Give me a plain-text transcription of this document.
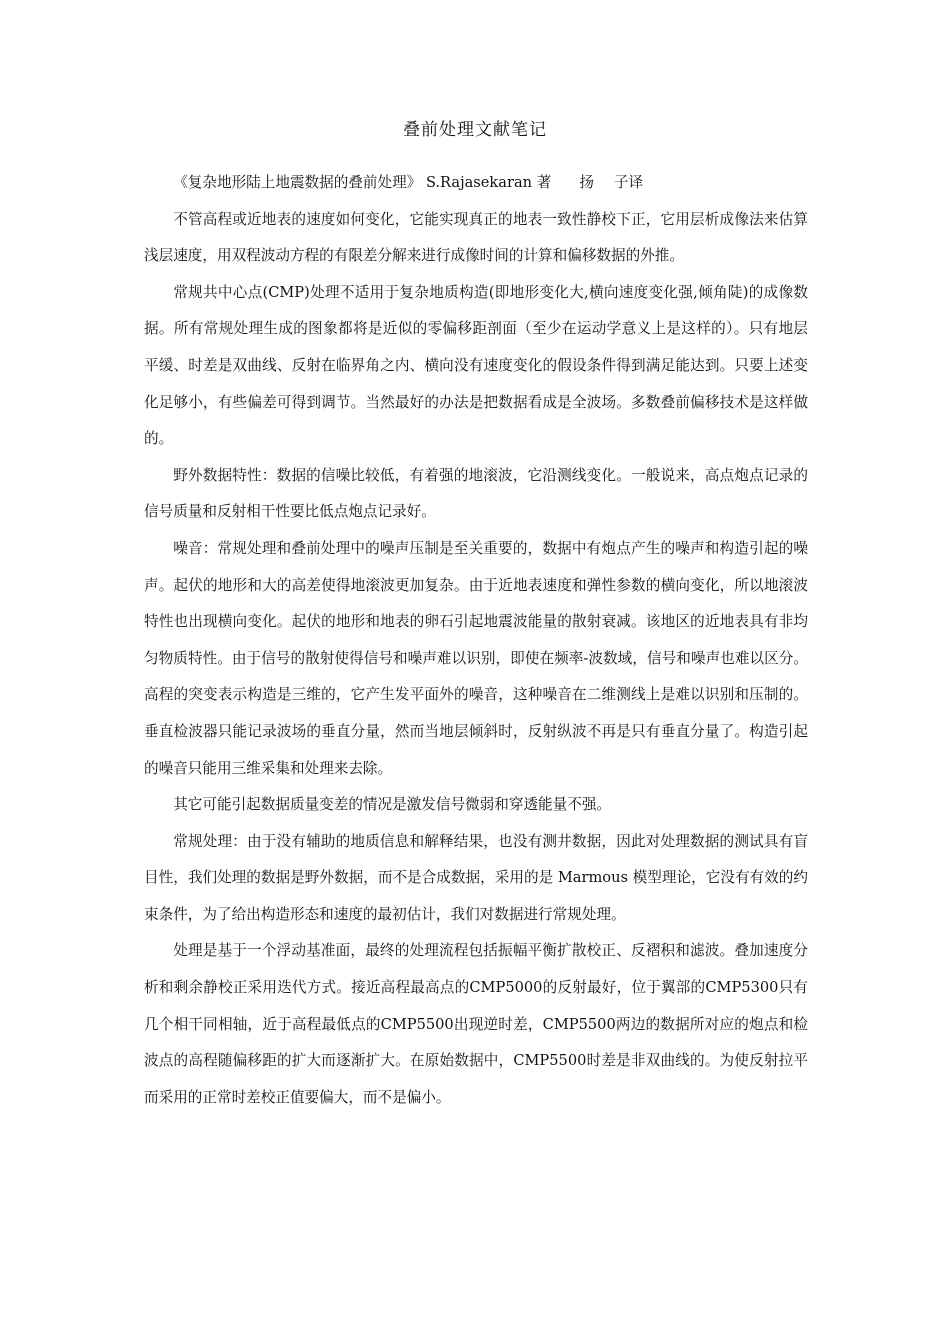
叠前处理文献笔记

《复杂地形陆上地震数据的叠前处理》 S.Rajasekaran 著 扬 子译

不管高程或近地表的速度如何变化，它能实现真正的地表一致性静校下正，它用层析成像法来估算浅层速度，用双程波动方程的有限差分解来进行成像时间的计算和偏移数据的外推。

常规共中心点(CMP)处理不适用于复杂地质构造(即地形变化大,横向速度变化强,倾角陡)的成像数据。所有常规处理生成的图象都将是近似的零偏移距剖面（至少在运动学意义上是这样的）。只有地层平缓、时差是双曲线、反射在临界角之内、横向没有速度变化的假设条件得到满足能达到。只要上述变化足够小，有些偏差可得到调节。当然最好的办法是把数据看成是全波场。多数叠前偏移技术是这样做的。

野外数据特性：数据的信噪比较低，有着强的地滚波，它沿测线变化。一般说来，高点炮点记录的信号质量和反射相干性要比低点炮点记录好。

噪音：常规处理和叠前处理中的噪声压制是至关重要的，数据中有炮点产生的噪声和构造引起的噪声。起伏的地形和大的高差使得地滚波更加复杂。由于近地表速度和弹性参数的横向变化，所以地滚波特性也出现横向变化。起伏的地形和地表的卵石引起地震波能量的散射衰减。该地区的近地表具有非均匀物质特性。由于信号的散射使得信号和噪声难以识别，即使在频率-波数域，信号和噪声也难以区分。高程的突变表示构造是三维的，它产生发平面外的噪音，这种噪音在二维测线上是难以识别和压制的。垂直检波器只能记录波场的垂直分量，然而当地层倾斜时，反射纵波不再是只有垂直分量了。构造引起的噪音只能用三维采集和处理来去除。

其它可能引起数据质量变差的情况是激发信号微弱和穿透能量不强。

常规处理：由于没有辅助的地质信息和解释结果，也没有测井数据，因此对处理数据的测试具有盲目性，我们处理的数据是野外数据，而不是合成数据，采用的是 Marmous 模型理论，它没有有效的约束条件，为了给出构造形态和速度的最初估计，我们对数据进行常规处理。

处理是基于一个浮动基准面，最终的处理流程包括振幅平衡扩散校正、反褶积和滤波。叠加速度分析和剩余静校正采用迭代方式。接近高程最高点的CMP5000的反射最好，位于翼部的CMP5300只有几个相干同相轴，近于高程最低点的CMP5500出现逆时差，CMP5500两边的数据所对应的炮点和检波点的高程随偏移距的扩大而逐渐扩大。在原始数据中，CMP5500时差是非双曲线的。为使反射拉平而采用的正常时差校正值要偏大，而不是偏小。
